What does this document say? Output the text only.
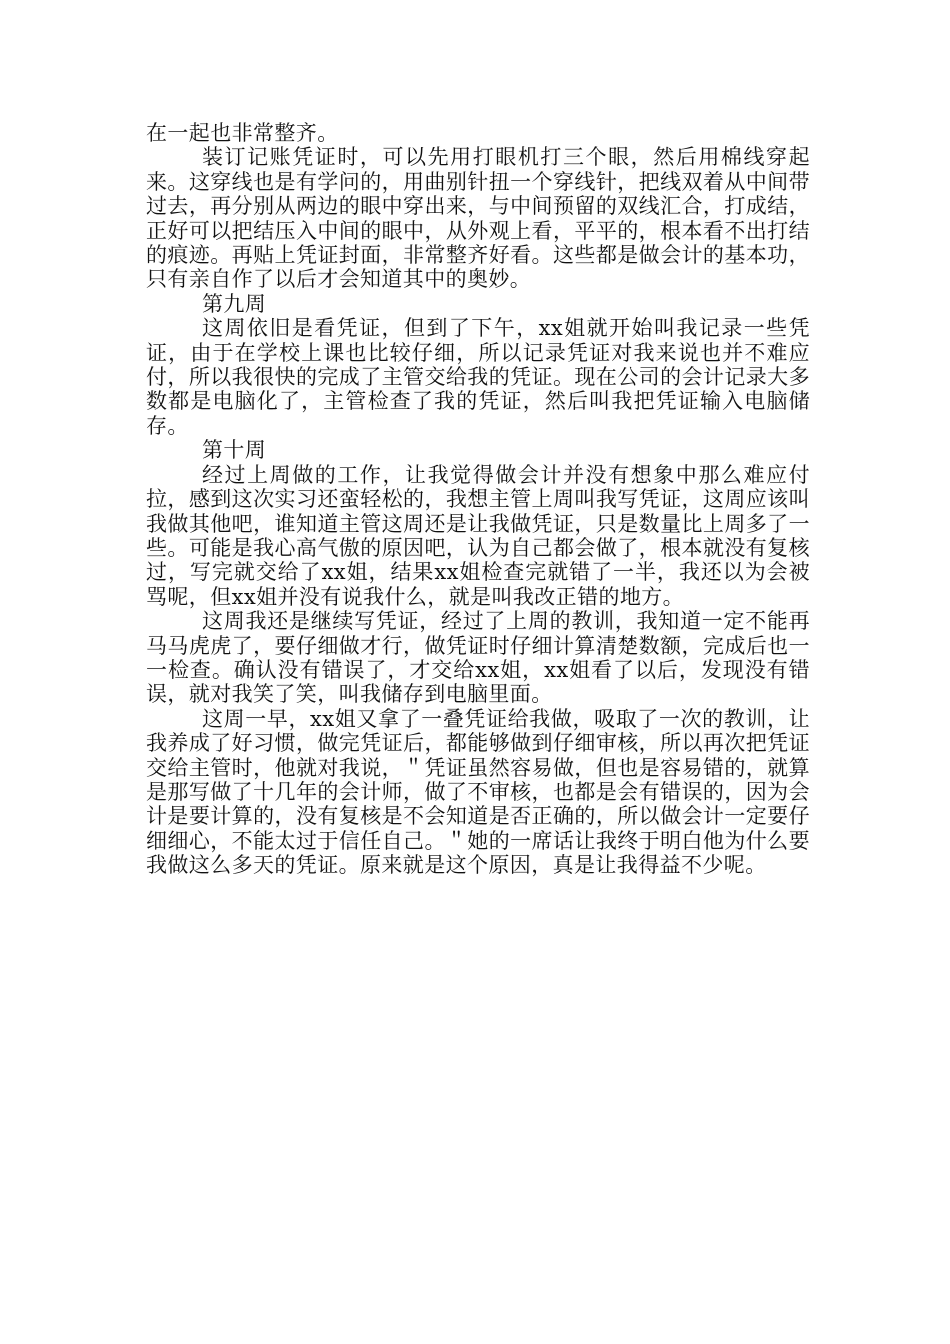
在一起也非常整齐。

装订记账凭证时，可以先用打眼机打三个眼，然后用棉线穿起来。这穿线也是有学问的，用曲别针扭一个穿线针，把线双着从中间带过去，再分别从两边的眼中穿出来，与中间预留的双线汇合，打成结，正好可以把结压入中间的眼中，从外观上看，平平的，根本看不出打结的痕迹。再贴上凭证封面，非常整齐好看。这些都是做会计的基本功，只有亲自作了以后才会知道其中的奥妙。

第九周

这周依旧是看凭证，但到了下午，xx姐就开始叫我记录一些凭证，由于在学校上课也比较仔细，所以记录凭证对我来说也并不难应付，所以我很快的完成了主管交给我的凭证。现在公司的会计记录大多数都是电脑化了，主管检查了我的凭证，然后叫我把凭证输入电脑储存。

第十周

经过上周做的工作，让我觉得做会计并没有想象中那么难应付拉，感到这次实习还蛮轻松的，我想主管上周叫我写凭证，这周应该叫我做其他吧，谁知道主管这周还是让我做凭证，只是数量比上周多了一些。可能是我心高气傲的原因吧，认为自己都会做了，根本就没有复核过，写完就交给了xx姐，结果xx姐检查完就错了一半，我还以为会被骂呢，但xx姐并没有说我什么，就是叫我改正错的地方。

这周我还是继续写凭证，经过了上周的教训，我知道一定不能再马马虎虎了，要仔细做才行，做凭证时仔细计算清楚数额，完成后也一一检查。确认没有错误了，才交给xx姐，xx姐看了以后，发现没有错误，就对我笑了笑，叫我储存到电脑里面。

这周一早，xx姐又拿了一叠凭证给我做，吸取了一次的教训，让我养成了好习惯，做完凭证后，都能够做到仔细审核，所以再次把凭证交给主管时，他就对我说，＂凭证虽然容易做，但也是容易错的，就算是那写做了十几年的会计师，做了不审核，也都是会有错误的，因为会计是要计算的，没有复核是不会知道是否正确的，所以做会计一定要仔细细心，不能太过于信任自己。＂她的一席话让我终于明白他为什么要我做这么多天的凭证。原来就是这个原因，真是让我得益不少呢。
